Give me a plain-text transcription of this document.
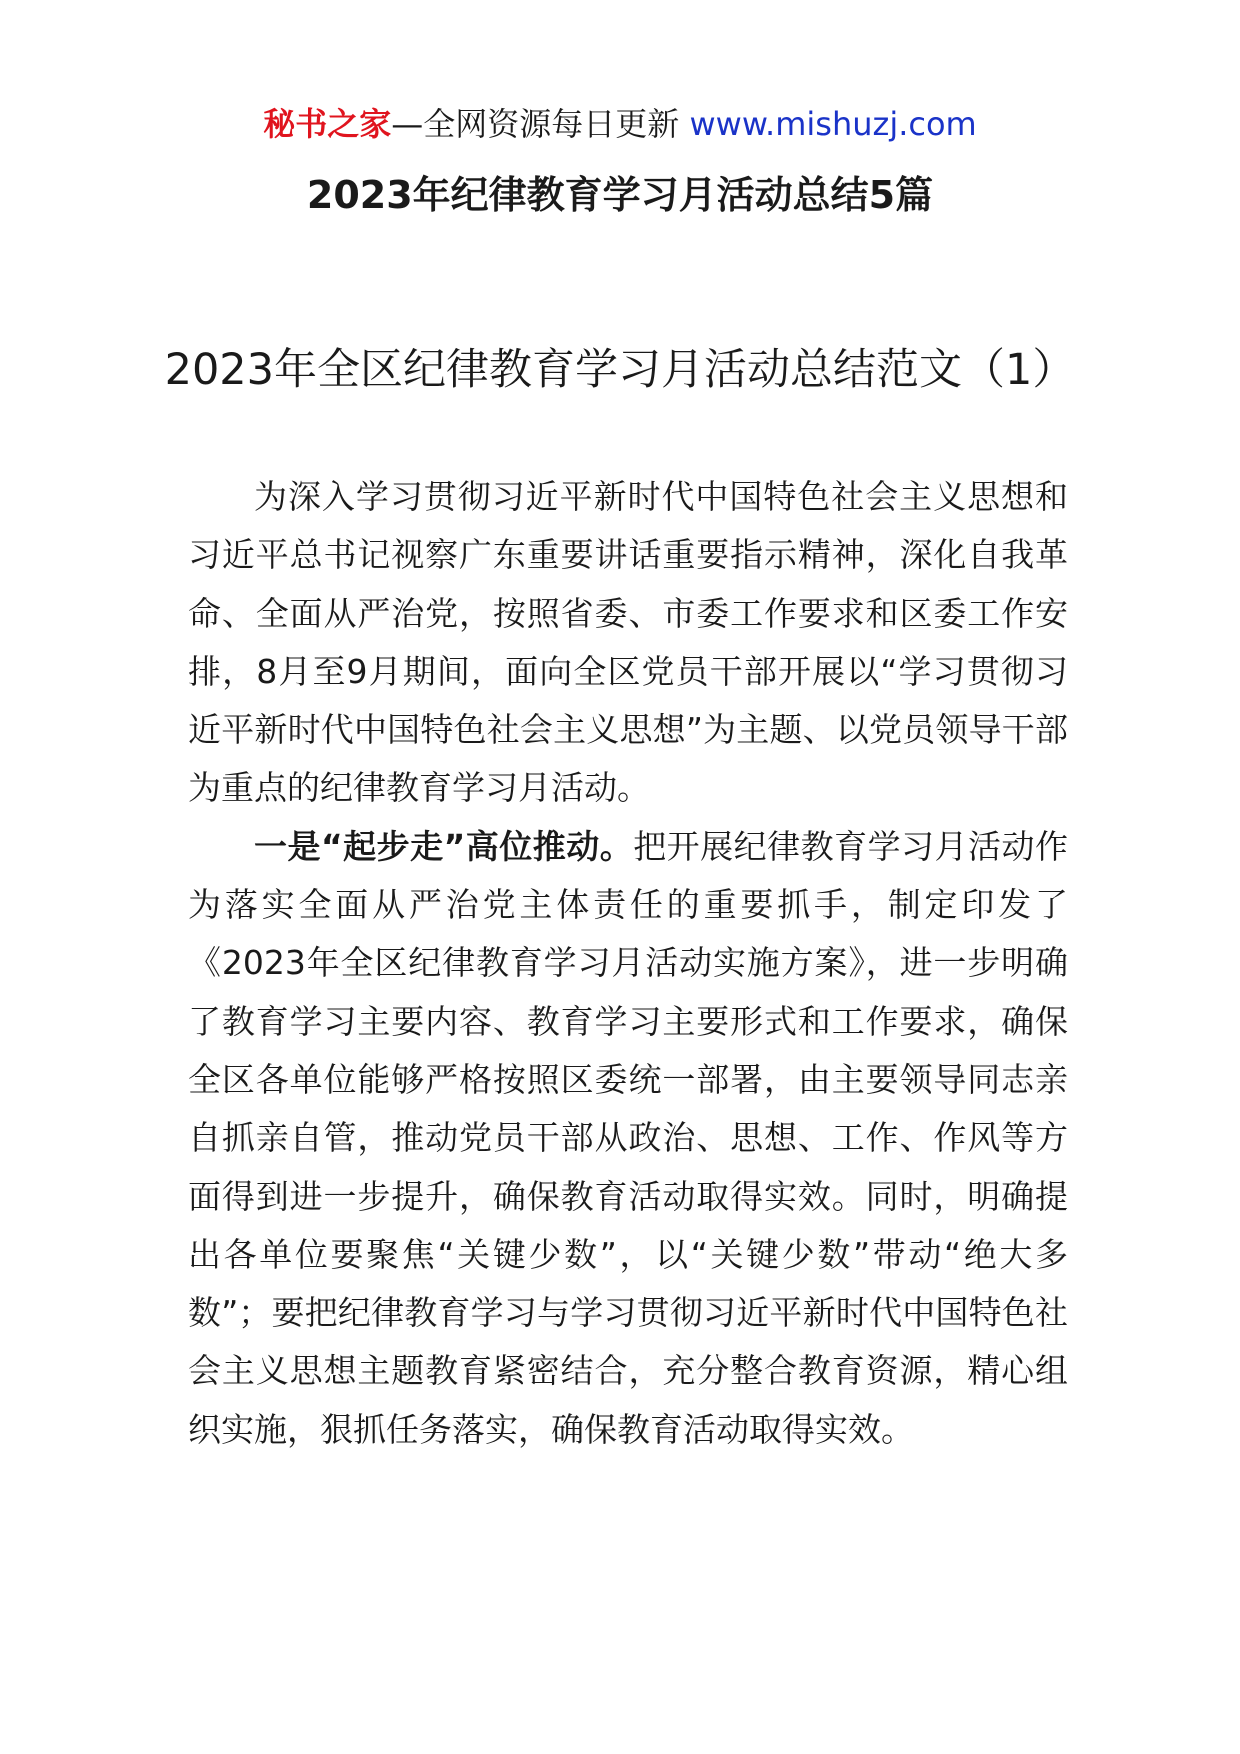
秘书之家—全网资源每日更新 www.mishuzj.com
2023年纪律教育学习月活动总结5篇
2023年全区纪律教育学习月活动总结范文（1）

为深入学习贯彻习近平新时代中国特色社会主义思想和习近平总书记视察广东重要讲话重要指示精神，深化自我革命、全面从严治党，按照省委、市委工作要求和区委工作安排，8月至9月期间，面向全区党员干部开展以“学习贯彻习近平新时代中国特色社会主义思想”为主题、以党员领导干部为重点的纪律教育学习月活动。

一是“起步走”高位推动。把开展纪律教育学习月活动作为落实全面从严治党主体责任的重要抓手，制定印发了《2023年全区纪律教育学习月活动实施方案》，进一步明确了教育学习主要内容、教育学习主要形式和工作要求，确保全区各单位能够严格按照区委统一部署，由主要领导同志亲自抓亲自管，推动党员干部从政治、思想、工作、作风等方面得到进一步提升，确保教育活动取得实效。同时，明确提出各单位要聚焦“关键少数”，以“关键少数”带动“绝大多数”；要把纪律教育学习与学习贯彻习近平新时代中国特色社会主义思想主题教育紧密结合，充分整合教育资源，精心组织实施，狠抓任务落实，确保教育活动取得实效。
